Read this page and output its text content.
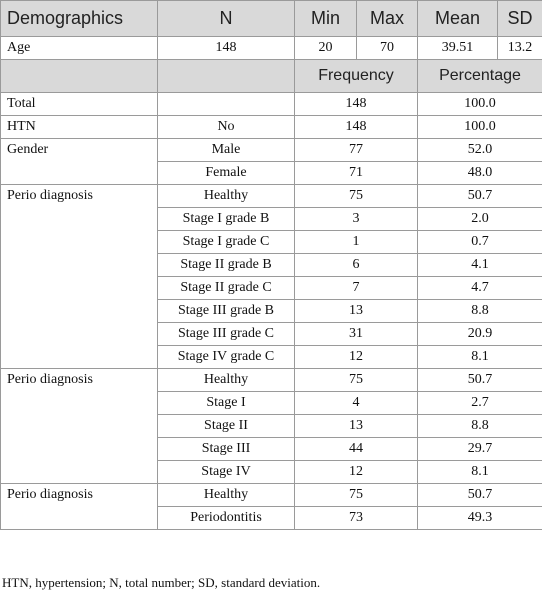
Demographics	N	Min	Max	Mean	SD
Age	148	20	70	39.51	13.2
		Frequency		Percentage	
Total		148		100.0	
HTN	No	148		100.0	
Gender	Male	77		52.0	
	Female	71		48.0	
Perio diagnosis	Healthy	75		50.7	
	Stage I grade B	3		2.0	
	Stage I grade C	1		0.7	
	Stage II grade B	6		4.1	
	Stage II grade C	7		4.7	
	Stage III grade B	13		8.8	
	Stage III grade C	31		20.9	
	Stage IV grade C	12		8.1	
Perio diagnosis	Healthy	75		50.7	
	Stage I	4		2.7	
	Stage II	13		8.8	
	Stage III	44		29.7	
	Stage IV	12		8.1	
Perio diagnosis	Healthy	75		50.7	
	Periodontitis	73		49.3	
HTN, hypertension; N, total number; SD, standard deviation.
